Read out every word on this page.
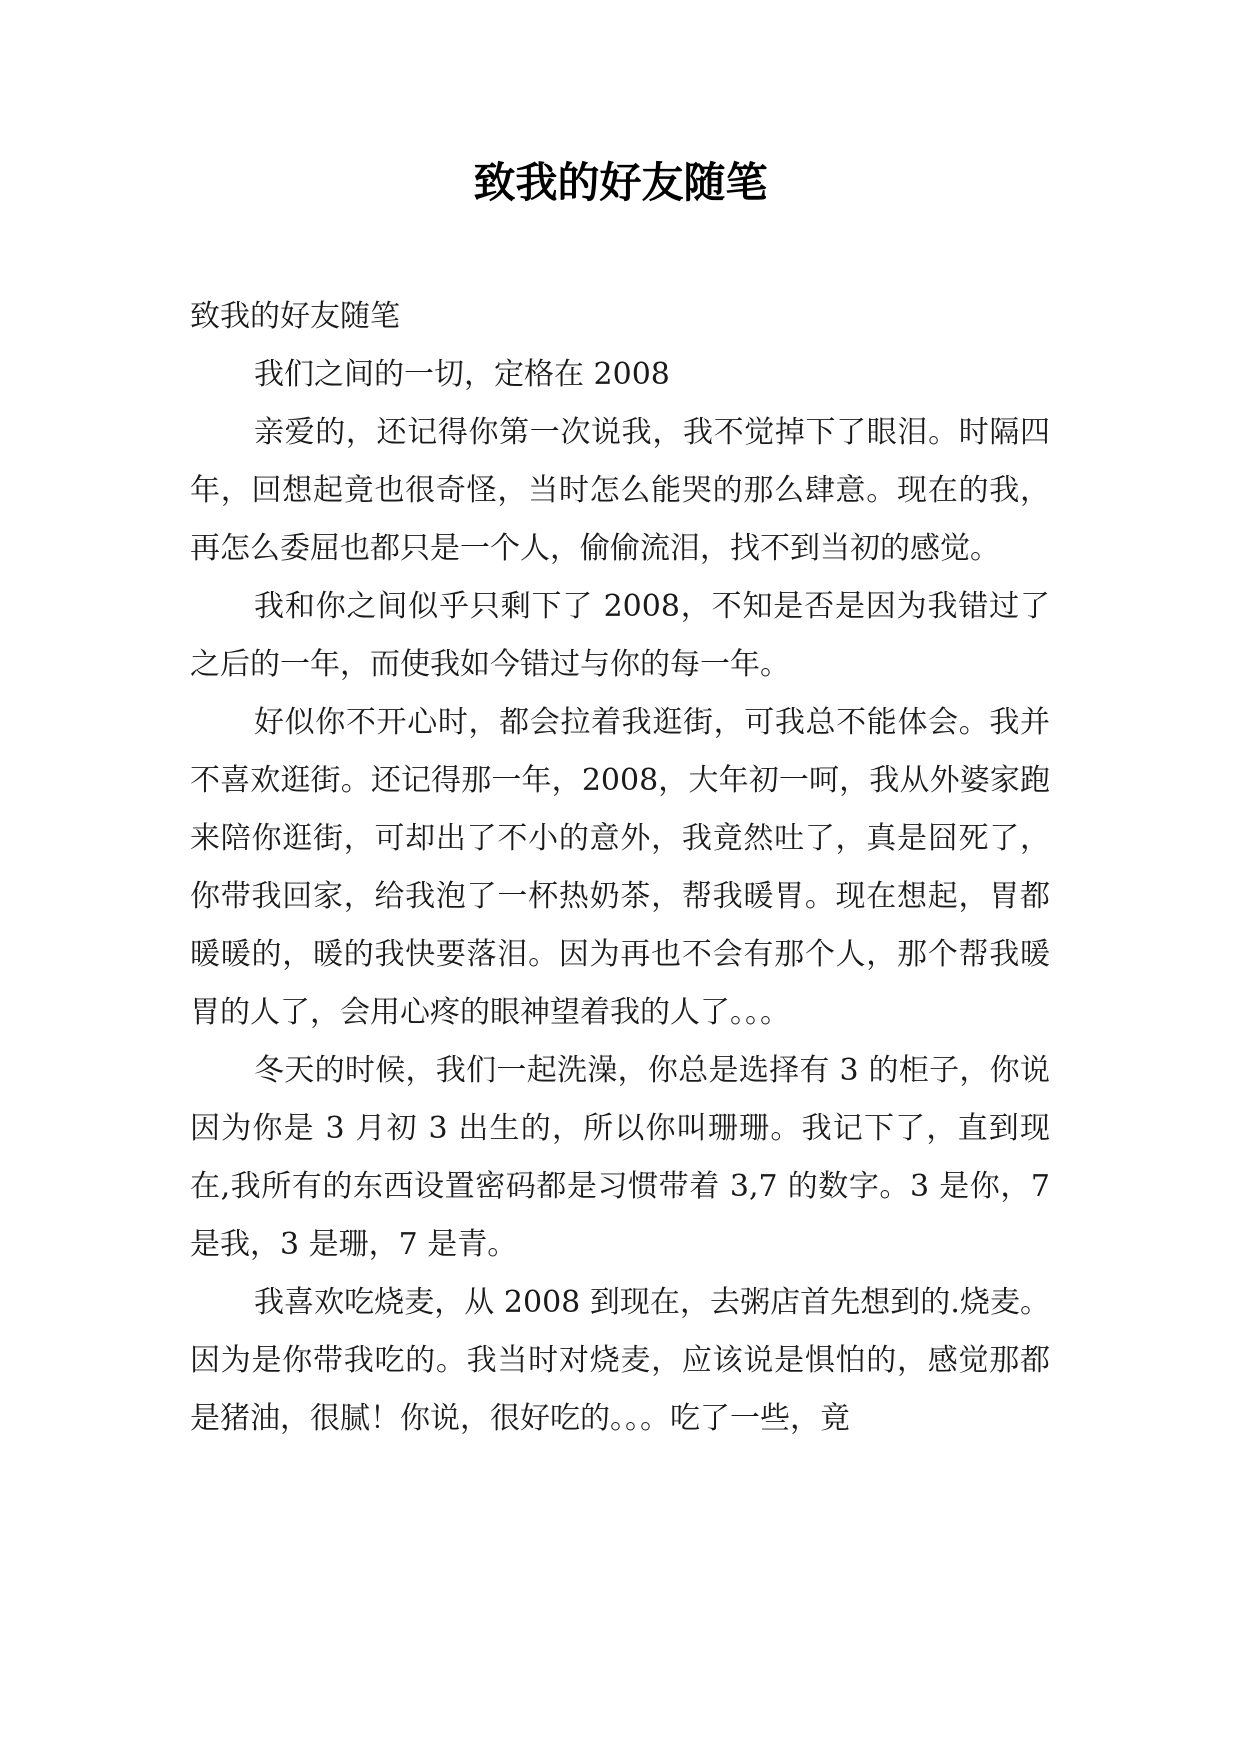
致我的好友随笔

致我的好友随笔

我们之间的一切，定格在 2008

亲爱的，还记得你第一次说我，我不觉掉下了眼泪。时隔四年，回想起竟也很奇怪，当时怎么能哭的那么肆意。现在的我，再怎么委屈也都只是一个人，偷偷流泪，找不到当初的感觉。

我和你之间似乎只剩下了 2008，不知是否是因为我错过了之后的一年，而使我如今错过与你的每一年。

好似你不开心时，都会拉着我逛街，可我总不能体会。我并不喜欢逛街。还记得那一年，2008，大年初一呵，我从外婆家跑来陪你逛街，可却出了不小的意外，我竟然吐了，真是囧死了，你带我回家，给我泡了一杯热奶茶，帮我暖胃。现在想起，胃都暖暖的，暖的我快要落泪。因为再也不会有那个人，那个帮我暖胃的人了，会用心疼的眼神望着我的人了。。。

冬天的时候，我们一起洗澡，你总是选择有 3 的柜子，你说因为你是 3 月初 3 出生的，所以你叫珊珊。我记下了，直到现在,我所有的东西设置密码都是习惯带着 3,7 的数字。3 是你，7 是我，3 是珊，7 是青。

我喜欢吃烧麦，从 2008 到现在，去粥店首先想到的.烧麦。因为是你带我吃的。我当时对烧麦，应该说是惧怕的，感觉那都是猪油，很腻！你说，很好吃的。。。吃了一些，竟
